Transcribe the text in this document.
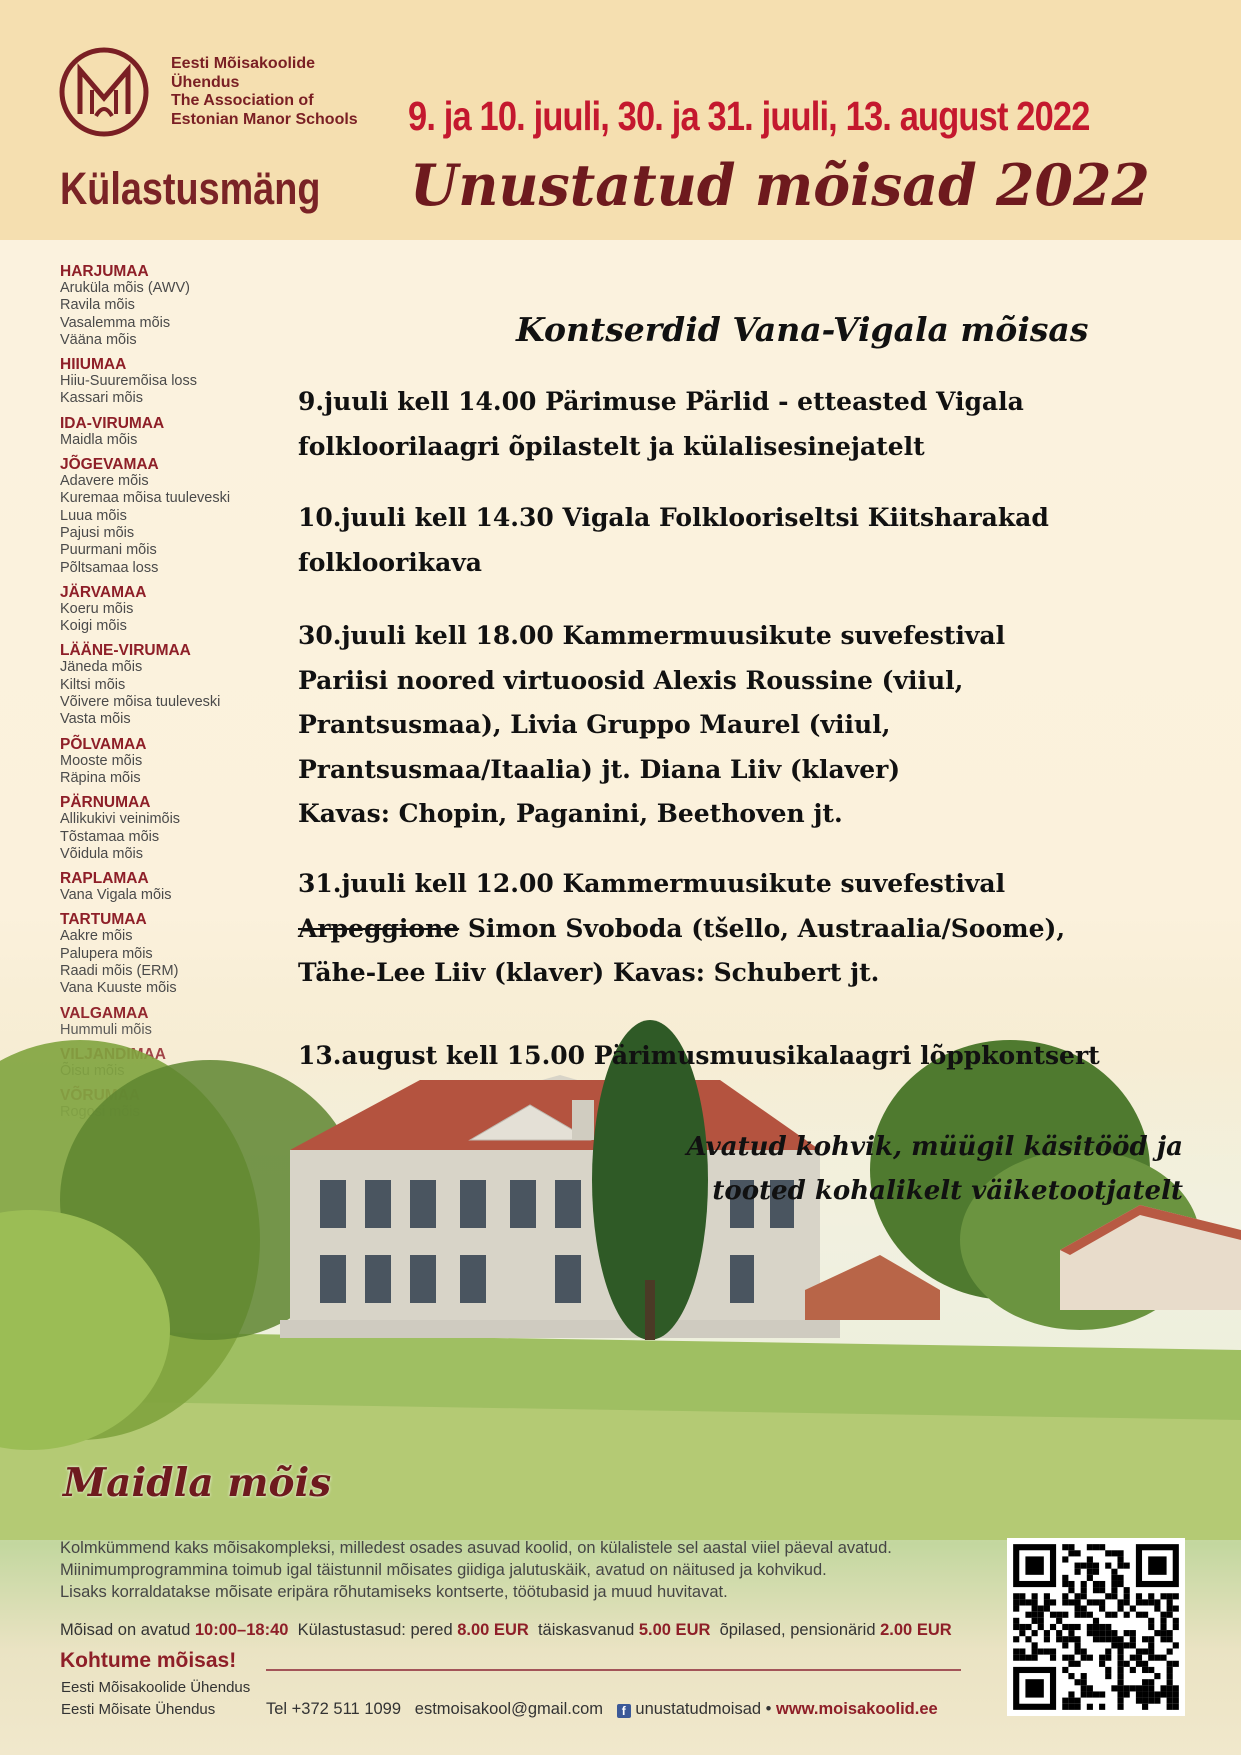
Eesti Mõisakoolide
Ühendus
The Association of
Estonian Manor Schools 9. ja 10. juuli, 30. ja 31. juuli, 13. august 2022
Külastusmäng Unustatud mõisad 2022
HARJUMAA
Aruküla mõis (AWV)
Ravila mõis
Vasalemma mõis
Vääna mõis
HIIUMAA
Hiiu-Suuremõisa loss
Kassari mõis
IDA-VIRUMAA
Maidla mõis
JÕGEVAMAA
Adavere mõis
Kuremaa mõisa tuuleveski
Luua mõis
Pajusi mõis
Puurmani mõis
Põltsamaa loss
JÄRVAMAA
Koeru mõis
Koigi mõis
LÄÄNE-VIRUMAA
Jäneda mõis
Kiltsi mõis
Võivere mõisa tuuleveski
Vasta mõis
PÕLVAMAA
Mooste mõis
Räpina mõis
PÄRNUMAA
Allikukivi veinimõis
Tõstamaa mõis
Võidula mõis
RAPLAMAA
Vana Vigala mõis
TARTUMAA
Aakre mõis
Palupera mõis
Raadi mõis (ERM)
Vana Kuuste mõis
Maidla mõis
Kontserdid Vana-Vigala mõisas
9.juuli kell 14.00 Pärimuse Pärlid - etteasted Vigala
folkloorilaagri õpilastelt ja külalisesinejatelt
10.juuli kell 14.30 Vigala Folklooriseltsi Kiitsharakad
folkloorikava
30.juuli kell 18.00 Kammermuusikute suvefestival
Pariisi noored virtuoosid Alexis Roussine (viiul,
Prantsusmaa), Livia Gruppo Maurel (viiul,
Prantsusmaa/Itaalia) jt. Diana Liiv (klaver)
Kavas: Chopin, Paganini, Beethoven jt.
31.juuli kell 12.00 Kammermuusikute suvefestival
Arpeggione Simon Svoboda (tšello, Austraalia/Soome),
Tähe-Lee Liiv (klaver) Kavas: Schubert jt.
13.august kell 15.00 Pärimusmuusikalaagri lõppkontsert
Avatud kohvik, müügil käsitööd ja
tooted kohalikelt väiketootjatelt
Kolmkümmend kaks mõisakompleksi, milledest osades asuvad koolid, on külalistele sel aastal viiel päeval avatud.
Miinimumprogrammina toimub igal täistunnil mõisates giidiga jalutuskäik, avatud on näitused ja kohvikud.
Lisaks korraldatakse mõisate eripära rõhutamiseks kontserte, töötubasid ja muud huvitavat.
Mõisad on avatud 10:00–18:40 Külastustasud: pered 8.00 EUR täiskasvanud 5.00 EUR õpilased, pensionärid 2.00 EUR
Kohtume mõisas!
Eesti Mõisakoolide Ühendus
Eesti Mõisate Ühendus	Tel +372 511 1099 estmoisakool@gmail.com f unustatudmoisad • www.moisakoolid.ee
